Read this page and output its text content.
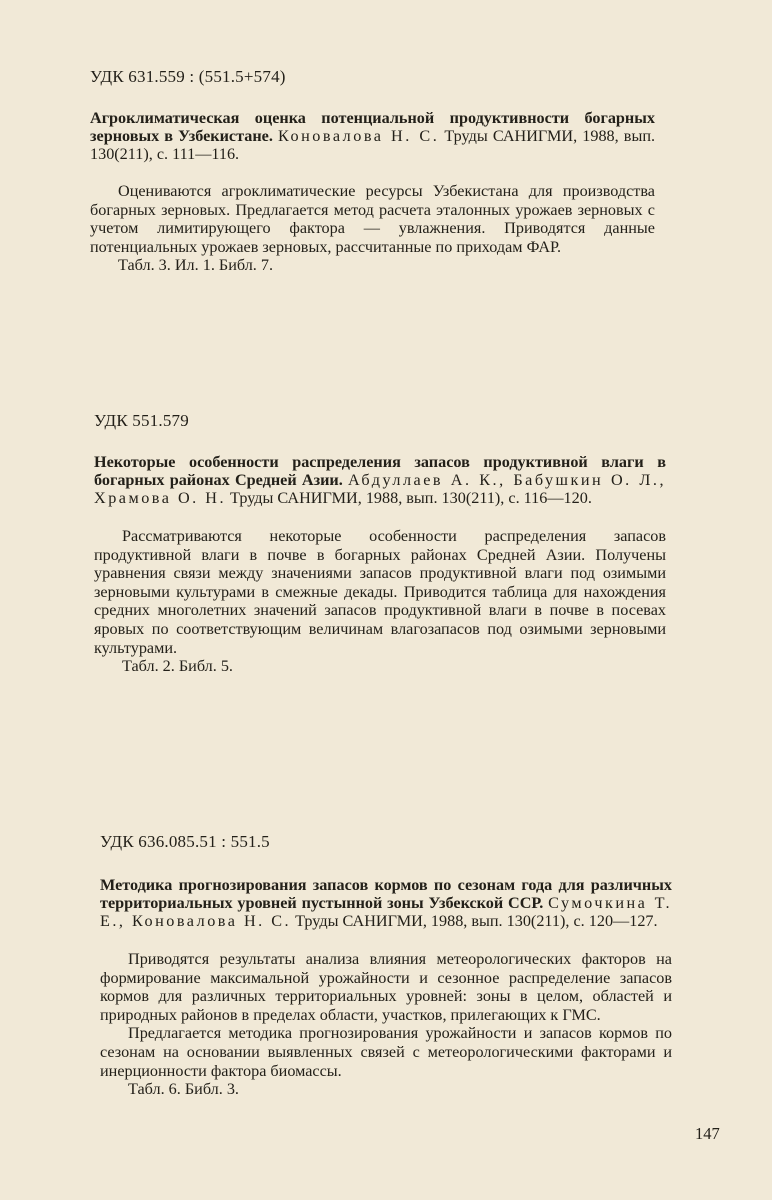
УДК 631.559 : (551.5+574)

Агроклиматическая оценка потенциальной продуктивности богарных зерновых в Узбекистане. Коновалова Н. С. Труды САНИГМИ, 1988, вып. 130(211), с. 111—116.

Оцениваются агроклиматические ресурсы Узбекистана для производства богарных зерновых. Предлагается метод расчета эталонных урожаев зерновых с учетом лимитирующего фактора — увлажнения. Приводятся данные потенциальных урожаев зерновых, рассчитанные по приходам ФАР.

Табл. 3. Ил. 1. Библ. 7.

УДК 551.579

Некоторые особенности распределения запасов продуктивной влаги в богарных районах Средней Азии. Абдуллаев А. К., Бабушкин О. Л., Храмова О. Н. Труды САНИГМИ, 1988, вып. 130(211), с. 116—120.

Рассматриваются некоторые особенности распределения запасов продуктивной влаги в почве в богарных районах Средней Азии. Получены уравнения связи между значениями запасов продуктивной влаги под озимыми зерновыми культурами в смежные декады. Приводится таблица для нахождения средних многолетних значений запасов продуктивной влаги в почве в посевах яровых по соответствующим величинам влагозапасов под озимыми зерновыми культурами.

Табл. 2. Библ. 5.

УДК 636.085.51 : 551.5

Методика прогнозирования запасов кормов по сезонам года для различных территориальных уровней пустынной зоны Узбекской ССР. Сумочкина Т. Е., Коновалова Н. С. Труды САНИГМИ, 1988, вып. 130(211), с. 120—127.

Приводятся результаты анализа влияния метеорологических факторов на формирование максимальной урожайности и сезонное распределение запасов кормов для различных территориальных уровней: зоны в целом, областей и природных районов в пределах области, участков, прилегающих к ГМС.

Предлагается методика прогнозирования урожайности и запасов кормов по сезонам на основании выявленных связей с метеорологическими факторами и инерционности фактора биомассы.

Табл. 6. Библ. 3.

147
